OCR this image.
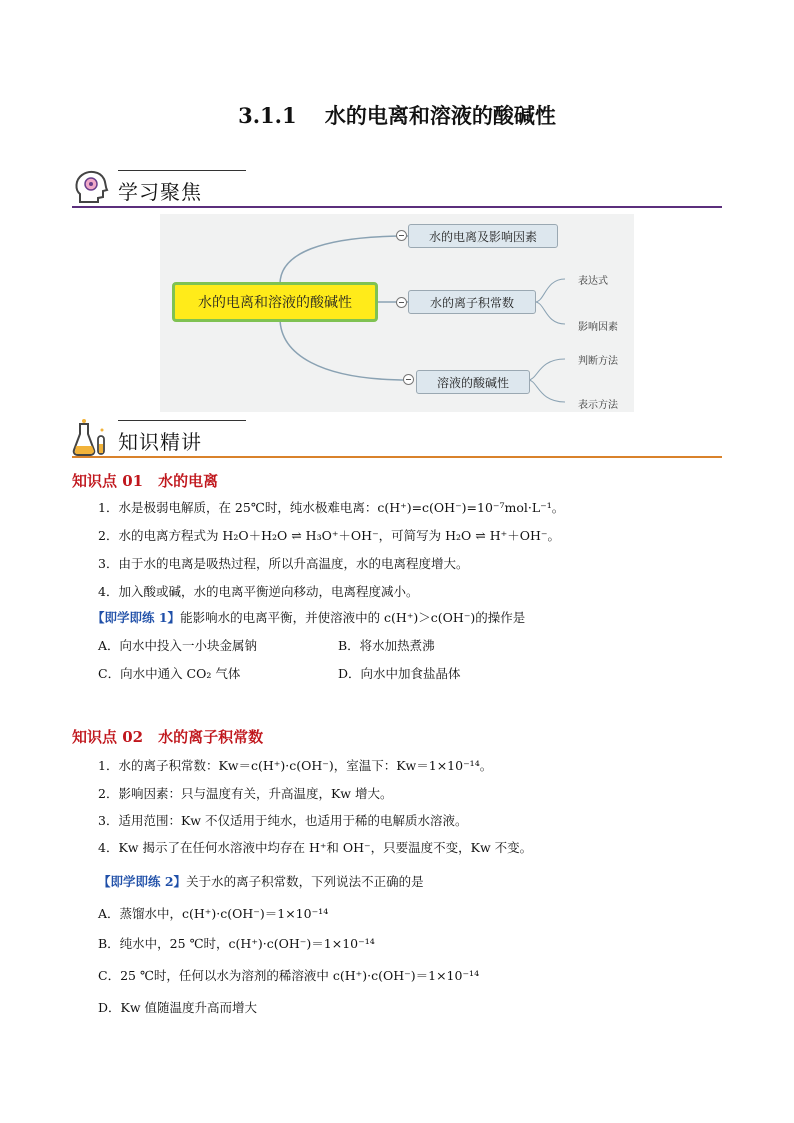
3.1.1　 水的电离和溶液的酸碱性
学习聚焦
水的电离和溶液的酸碱性
水的电离及影响因素
水的离子积常数
溶液的酸碱性
表达式
影响因素
判断方法
表示方法
知识精讲
知识点 01　水的电离
1．水是极弱电解质，在 25℃时，纯水极难电离：c(H⁺)=c(OH⁻)=10⁻⁷mol·L⁻¹。
2．水的电离方程式为 H₂O＋H₂O ⇌ H₃O⁺＋OH⁻，可简写为 H₂O ⇌ H⁺＋OH⁻。
3．由于水的电离是吸热过程，所以升高温度，水的电离程度增大。
4．加入酸或碱，水的电离平衡逆向移动，电离程度减小。
【即学即练 1】能影响水的电离平衡，并使溶液中的 c(H⁺)＞c(OH⁻)的操作是
A．向水中投入一小块金属钠	B．将水加热煮沸
C．向水中通入 CO₂ 气体	D．向水中加食盐晶体
知识点 02　水的离子积常数
1．水的离子积常数：Kw＝c(H⁺)·c(OH⁻)，室温下：Kw＝1×10⁻¹⁴。
2．影响因素：只与温度有关，升高温度，Kw 增大。
3．适用范围：Kw 不仅适用于纯水，也适用于稀的电解质水溶液。
4．Kw 揭示了在任何水溶液中均存在 H⁺和 OH⁻，只要温度不变，Kw 不变。
【即学即练 2】关于水的离子积常数，下列说法不正确的是
A．蒸馏水中，c(H⁺)·c(OH⁻)＝1×10⁻¹⁴
B．纯水中，25 ℃时，c(H⁺)·c(OH⁻)＝1×10⁻¹⁴
C．25 ℃时，任何以水为溶剂的稀溶液中 c(H⁺)·c(OH⁻)＝1×10⁻¹⁴
D．Kw 值随温度升高而增大
